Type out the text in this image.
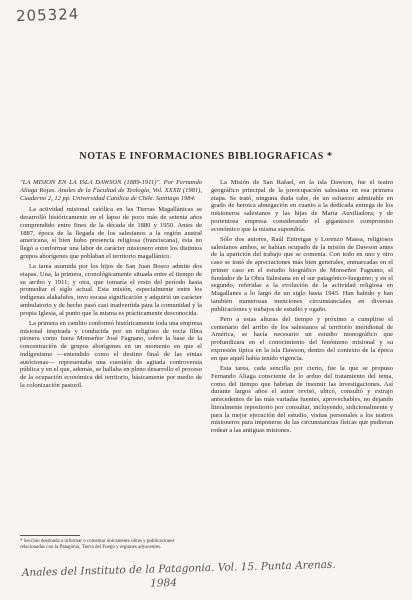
205324
NOTAS E INFORMACIONES BIBLIOGRAFICAS *

"LA MISION EN LA ISLA DAWSON (1889-1911)". Por Fernando Aliaga Rojas. Anales de la Facultad de Teología, Vol. XXXII (1981), Cuaderno 2, 12 pp. Universidad Católica de Chile. Santiago 1984.

La actividad misional católica en las Tierras Magallánicas se desarrolló históricamente en el lapso de poco más de setenta años comprendido entre fines de la década de 1880 y 1950. Antes de 1887, época de la llegada de los salesianos a la región austral americana, sí bien hubo presencia religiosa (franciscana), ésta no llegó a conformar una labor de carácter misionero entre los distintos grupos aborígenes que poblaban el territorio magallánico.

La tarea asumida por los hijos de San Juan Bosco admite dos etapas. Una, la primera, cronológicamente situada entre el tiempo de su arribo y 1911; y otra, que tomaría el resto del período hasta promediar el siglo actual. Esta misión, especialmente entre los indígenas alakalufes, tuvo escasa significación y adquirió un carácter ambulatorio y de hecho pasó casi inadvertida para la comunidad y la propia Iglesia, al punto que la misma es prácticamente desconocida.

La primera en cambio conformó históricamente toda una empresa misional inspirada y conducida por un religioso de recia fibra pionera como fuera Monseñor José Fagnano, sobre la base de la concentración de grupos aborígenes en un momento en que el indígenismo —entendido como el destino final de las etnias autóctonas— representaba una cuestión de agitada controversia pública y en el que, además, se hallaba en pleno desarrollo el proceso de la ocupación económica del territorio, básicamente por medio de la colonización pastoril.

La Misión de San Rafael, en la isla Dawson, fue el teatro geográfico principal de la preocupación salesiana en esa primera etapa. Se trató, ninguna duda cabe, de un esfuerzo admirable en grado de heroica abnegación en cuanto a la dedicada entrega de los misioneros salesianos y las hijas de María Auxiliadora; y de portentosa empresa considerando el gigantesco compromiso económico que la misma supondría.

Sólo dos autores, Raúl Entreigas y Lorenzo Massa, religiosos salesianos ambos, se habían ocupado de la misión de Dawson antes de la aparición del trabajo que se comenta. Con todo en uno y otro caso se trató de apreciaciones más bien generales, enmarcadas en el primer caso en el estudio biográfico de Monseñor Fagnano, el fundador de la Obra Salesiana en el sur patagónico-fueguino; y en el segundo, referidas a la evolución de la actividad religiosa en Magallanes a lo largo de un siglo hasta 1945. Han habido y han también numerosas menciones circunstanciales en diversas publicaciones y trabajos de estudio y ogaño.

Pero a estas alturas del tiempo y próximo a cumplirse el centenario del arribo de los salesianos al territorio meridional de América, se hacía necesario un estudio monográfico que profundizara en el conocimiento del fenómeno misional y su expresión típica en la isla Dawson, dentro del contexto de la época en que aquél había tenido vigencia.

Esta tarea, cada sencilla por cierto, fue la que se propuso Fernando Aliaga consciente de lo arduo del tratamiento del tema, como del tiempo que habrían de insumir las investigaciones. Así durante largos años el autor revisó, ubicó, consultó y extrajo antecedentes de las más variadas fuentes, aprovechables, no dejando literalmente repositorio por consultar, incluyendo, sidicionalmente y para la mejor ejecución del estudio, visitas personales a los teatros misioneros para imponerse de las circunstancias físicas que pudieran rodear a las antiguas misiones.

* Sección destinada a informar o comentar únicamente obras y publicaciones relacionadas con la Patagonia, Tierra del Fuego y regiones adyacentes.
Anales del Instituto de la Patagonia. Vol. 15. Punta Arenas.
1984
